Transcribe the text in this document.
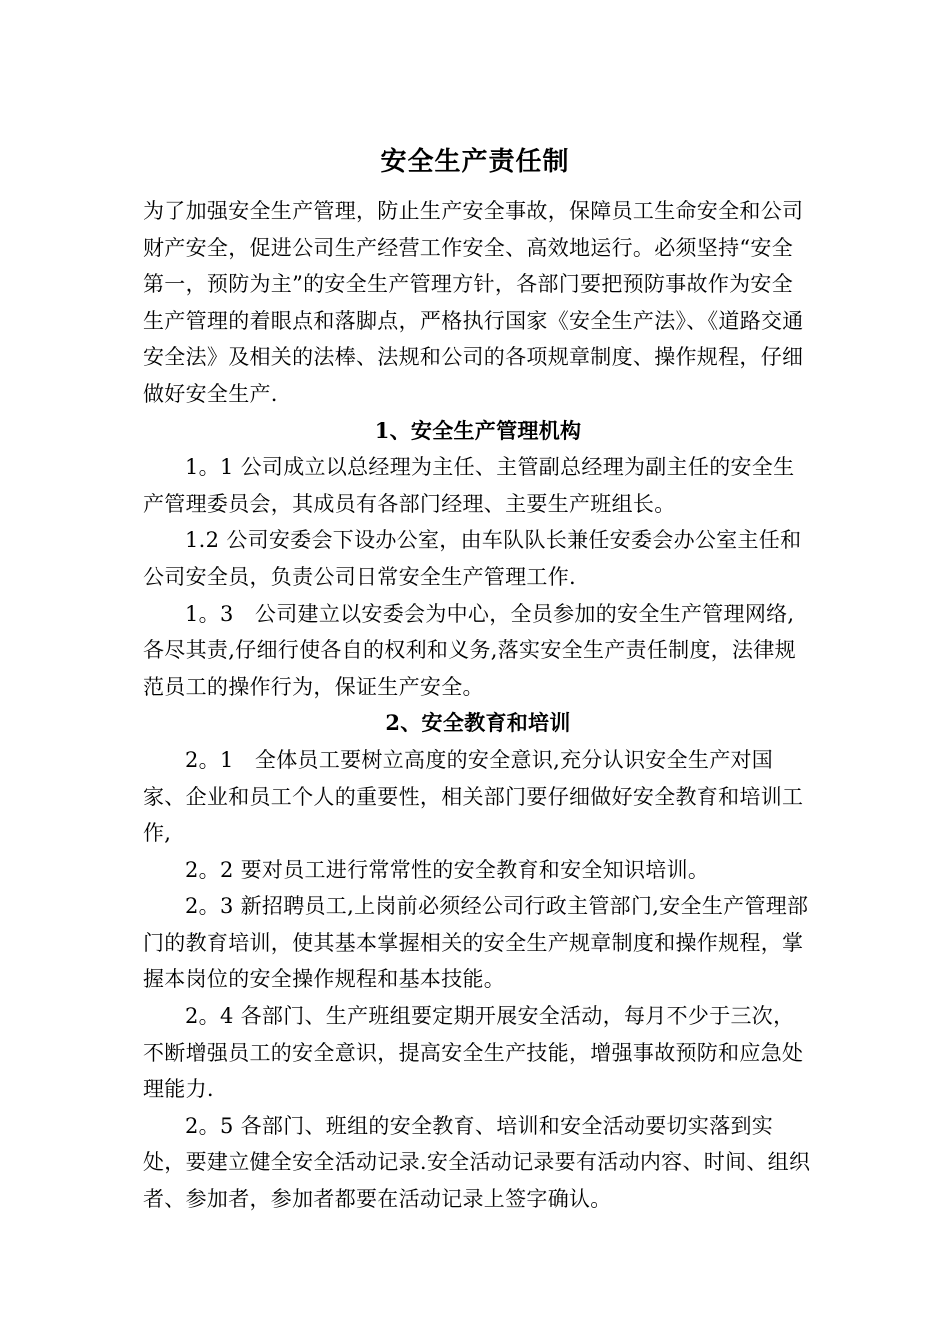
安全生产责任制

为了加强安全生产管理，防止生产安全事故，保障员工生命安全和公司财产安全，促进公司生产经营工作安全、高效地运行。必须坚持“安全第一，预防为主”的安全生产管理方针，各部门要把预防事故作为安全生产管理的着眼点和落脚点，严格执行国家《安全生产法》、《道路交通安全法》及相关的法棒、法规和公司的各项规章制度、操作规程，仔细做好安全生产.

1、安全生产管理机构

1。1 公司成立以总经理为主任、主管副总经理为副主任的安全生产管理委员会，其成员有各部门经理、主要生产班组长。

1.2 公司安委会下设办公室，由车队队长兼任安委会办公室主任和公司安全员，负责公司日常安全生产管理工作.

1。3　公司建立以安委会为中心，全员参加的安全生产管理网络,各尽其责,仔细行使各自的权利和义务,落实安全生产责任制度，法律规范员工的操作行为，保证生产安全。

2、安全教育和培训

2。1　全体员工要树立高度的安全意识,充分认识安全生产对国家、企业和员工个人的重要性，相关部门要仔细做好安全教育和培训工作,

2。2 要对员工进行常常性的安全教育和安全知识培训。

2。3 新招聘员工,上岗前必须经公司行政主管部门,安全生产管理部门的教育培训，使其基本掌握相关的安全生产规章制度和操作规程，掌握本岗位的安全操作规程和基本技能。

2。4 各部门、生产班组要定期开展安全活动，每月不少于三次，不断增强员工的安全意识，提高安全生产技能，增强事故预防和应急处理能力.

2。5 各部门、班组的安全教育、培训和安全活动要切实落到实处，要建立健全安全活动记录.安全活动记录要有活动内容、时间、组织者、参加者，参加者都要在活动记录上签字确认。
